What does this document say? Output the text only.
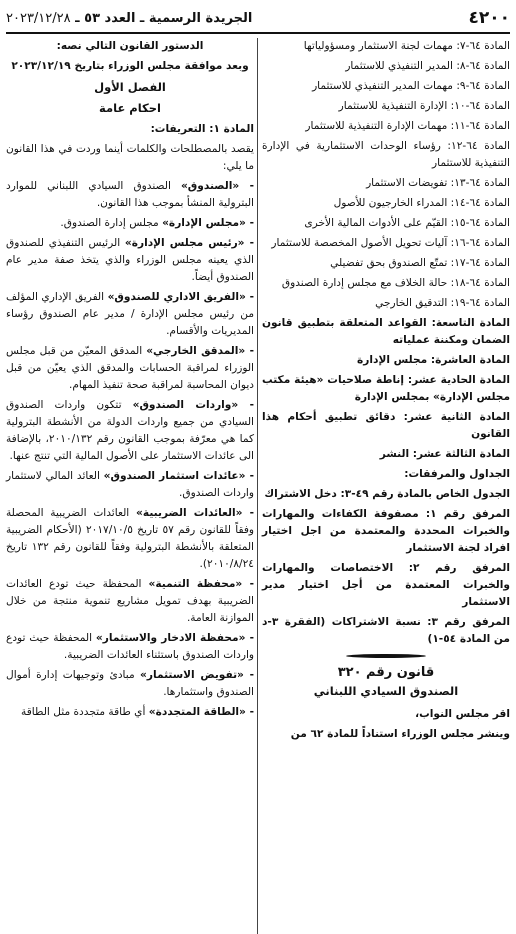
٤٢٠٠
الجريدة الرسمية ـ العدد ٥٣ ـ ٢٠٢٣/١٢/٢٨

المادة ٦٤-٧: مهمات لجنة الاستثمار ومسؤولياتها

المادة ٦٤-٨: المدير التنفيذي للاستثمار

المادة ٦٤-٩: مهمات المدير التنفيذي للاستثمار

المادة ٦٤-١٠: الإدارة التنفيذية للاستثمار

المادة ٦٤-١١: مهمات الإدارة التنفيذية للاستثمار

المادة ٦٤-١٢: رؤساء الوحدات الاستثمارية في الإدارة التنفيذية للاستثمار

المادة ٦٤-١٣: تفويضات الاستثمار

المادة ٦٤-١٤: المدراء الخارجيون للأصول

المادة ٦٤-١٥: القيّم على الأدوات المالية الأخرى

المادة ٦٤-١٦: آليات تحويل الأصول المخصصة للاستثمار

المادة ٦٤-١٧: تمتّع الصندوق بحق تفضيلي

المادة ٦٤-١٨: حالة الخلاف مع مجلس إدارة الصندوق

المادة ٦٤-١٩: التدقيق الخارجي

المادة التاسعة: القواعد المتعلقة بتطبيق قانون الضمان ومكننة عملياته

المادة العاشرة: مجلس الإدارة

المادة الحادية عشر: إناطة صلاحيات «هيئة مكتب مجلس الإدارة» بمجلس الإدارة

المادة الثانية عشر: دقائق تطبيق أحكام هذا القانون

المادة الثالثة عشر: النشر

الجداول والمرفقات:

الجدول الخاص بالمادة رقم ٤٩-٣: دخل الاشتراك

المرفق رقم ١: مصفوفة الكفاءات والمهارات والخبرات المحددة والمعتمدة من اجل اختيار افراد لجنة الاستثمار

المرفق رقم ٢: الاختصاصات والمهارات والخبرات المعتمدة من أجل اختيار مدير الاستثمار

المرفق رقم ٣: نسبة الاشتراكات (الفقرة ٣-د من المادة ٥٤-١)

قانون رقم ٣٢٠
الصندوق السيادي اللبناني

اقر مجلس النواب،

وينشر مجلس الوزراء استناداً للمادة ٦٢ من

الدستور القانون التالي نصه:

وبعد موافقة مجلس الوزراء بتاريخ ٢٠٢٣/١٢/١٩

الفصل الأول
احكام عامة

المادة ١: التعريفات:

يقصد بالمصطلحات والكلمات أينما وردت في هذا القانون ما يلي:

- «الصندوق» الصندوق السيادي اللبناني للموارد البترولية المنشأ بموجب هذا القانون.

- «مجلس الإدارة» مجلس إدارة الصندوق.

- «رئيس مجلس الإدارة» الرئيس التنفيذي للصندوق الذي يعينه مجلس الوزراء والذي يتخذ صفة مدير عام الصندوق أيضاً.

- «الفريق الاداري للصندوق» الفريق الإداري المؤلف من رئيس مجلس الإدارة / مدير عام الصندوق رؤساء المديريات والأقسام.

- «المدقق الخارجي» المدقق المعيّن من قبل مجلس الوزراء لمراقبة الحسابات والمدقق الذي يعيّن من قبل ديوان المحاسبة لمراقبة صحة تنفيذ المهام.

- «واردات الصندوق» تتكون واردات الصندوق السيادي من جميع واردات الدولة من الأنشطة البترولية كما هي معرّفة بموجب القانون رقم ٢٠١٠/١٣٢، بالإضافة الى عائدات الاستثمار على الأصول المالية التي تنتج عنها.

- «عائدات استثمار الصندوق» العائد المالي لاستثمار واردات الصندوق.

- «العائدات الضريبية» العائدات الضريبية المحصلة وفقاً للقانون رقم ٥٧ تاريخ ٢٠١٧/١٠/٥ (الأحكام الضريبية المتعلقة بالأنشطة البترولية وفقاً للقانون رقم ١٣٢ تاريخ ٢٠١٠/٨/٢٤).

- «محفظة التنمية» المحفظة حيث تودع العائدات الضريبية بهدف تمويل مشاريع تنموية منتجة من خلال الموازنة العامة.

- «محفظة الادخار والاستثمار» المحفظة حيث تودع واردات الصندوق باستثناء العائدات الضريبية.

- «تفويض الاستثمار» مبادئ وتوجيهات إدارة أموال الصندوق واستثمارها.

- «الطاقة المتجددة» أي طاقة متجددة مثل الطاقة
